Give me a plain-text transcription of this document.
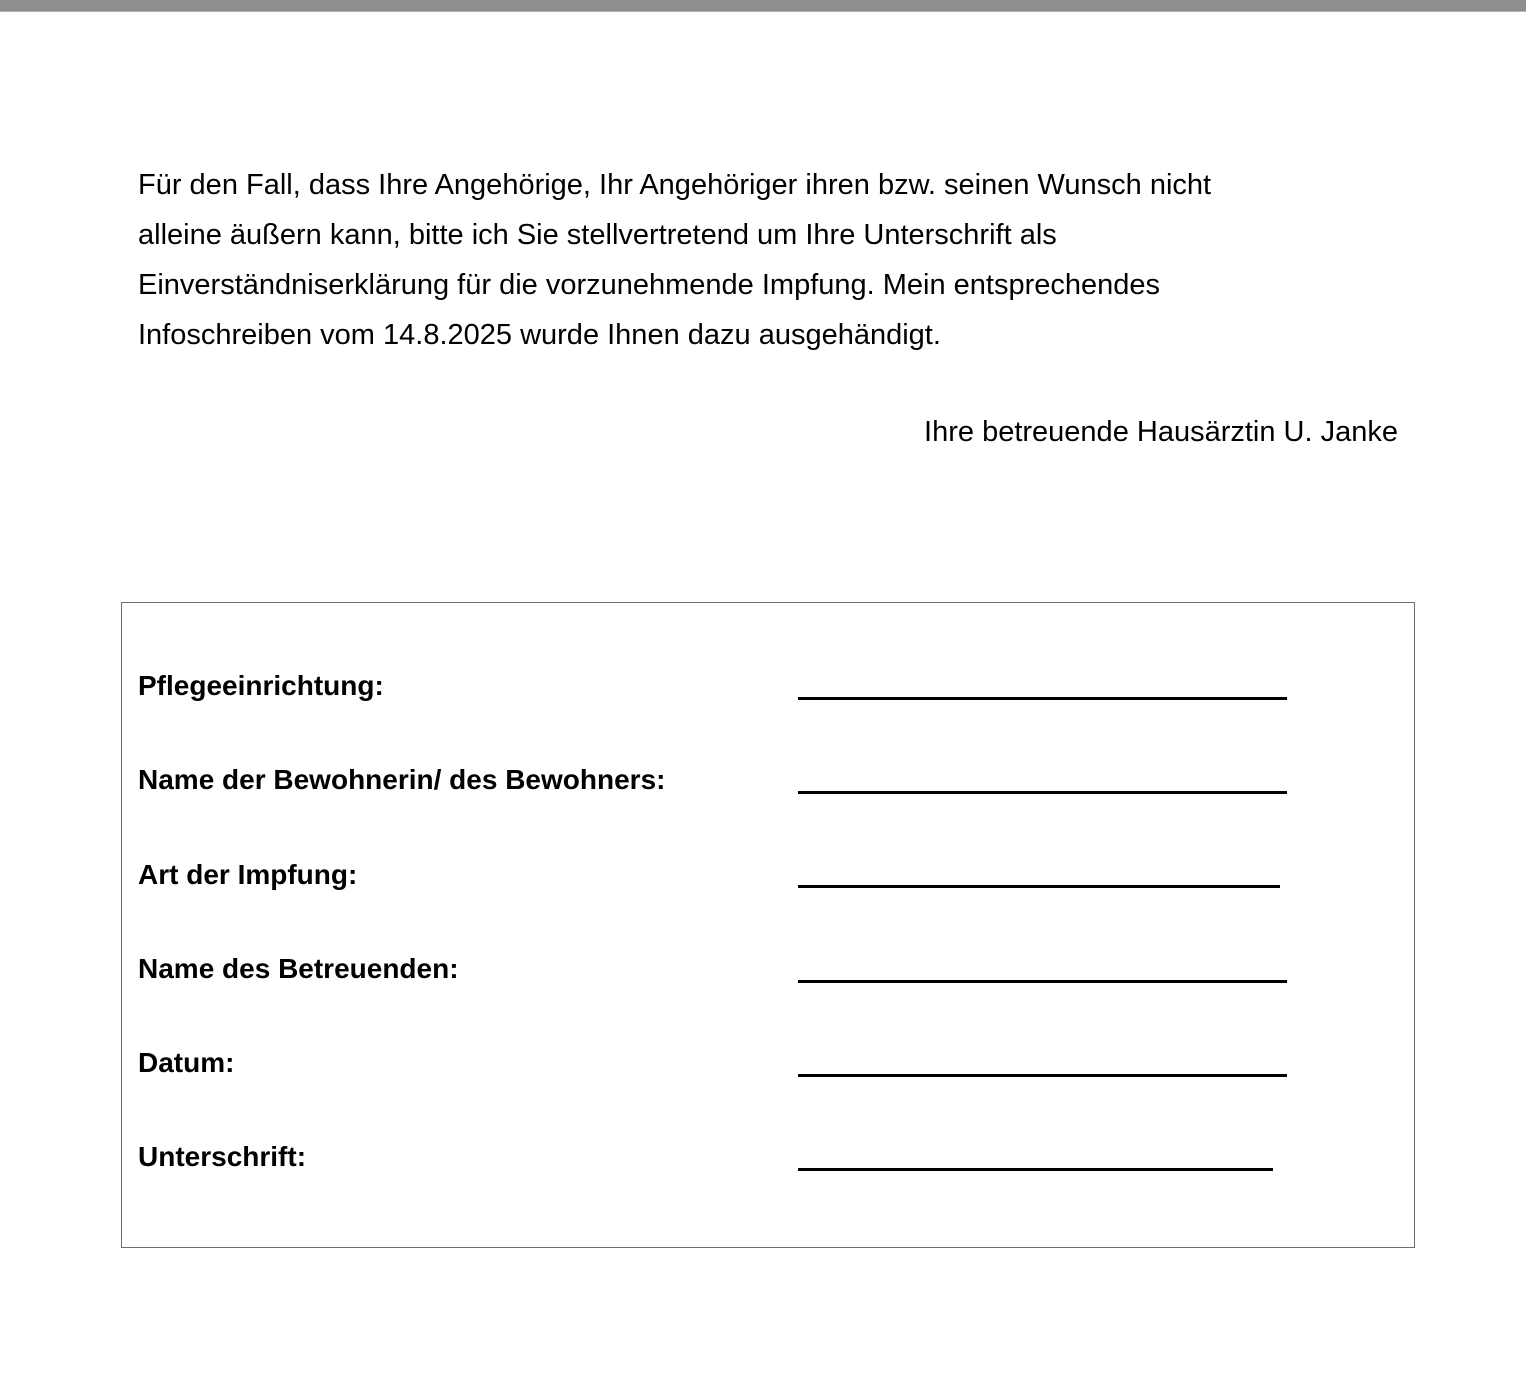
Für den Fall, dass Ihre Angehörige, Ihr Angehöriger ihren bzw. seinen Wunsch nicht
alleine äußern kann, bitte ich Sie stellvertretend um Ihre Unterschrift als
Einverständniserklärung für die vorzunehmende Impfung. Mein entsprechendes
Infoschreiben vom 14.8.2025 wurde Ihnen dazu ausgehändigt.
Ihre betreuende Hausärztin U. Janke
Pflegeeinrichtung:
Name der Bewohnerin/ des Bewohners:
Art der Impfung:
Name des Betreuenden:
Datum:
Unterschrift:
